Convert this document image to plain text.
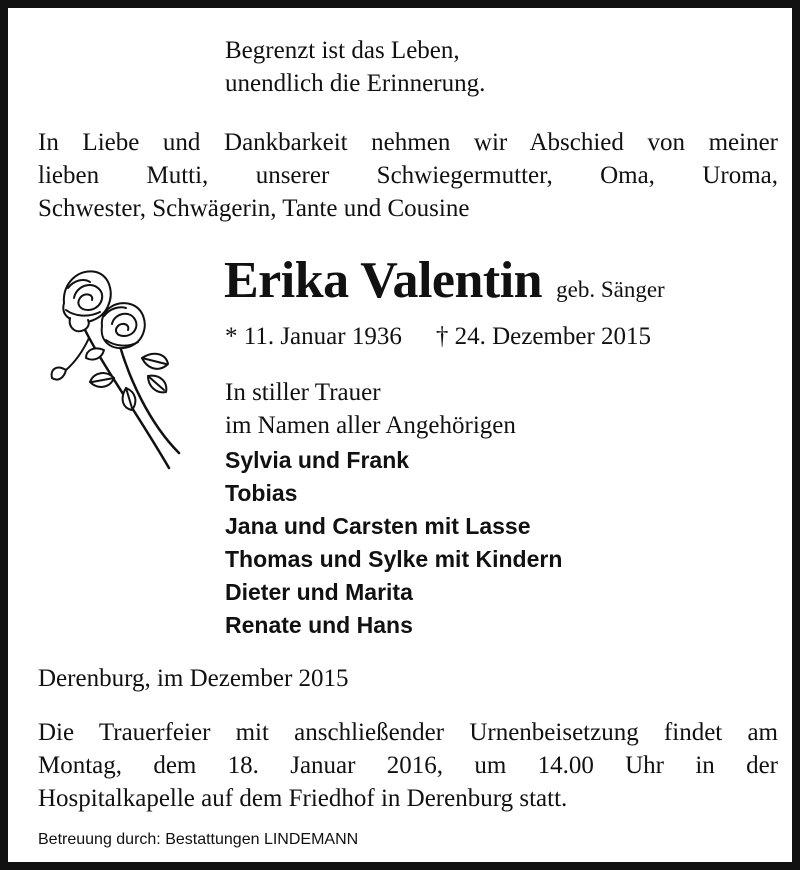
Begrenzt ist das Leben,
unendlich die Erinnerung.
In Liebe und Dankbarkeit nehmen wir Abschied von meiner
lieben Mutti, unserer Schwiegermutter, Oma, Uroma,
Schwester, Schwägerin, Tante und Cousine
Erika Valentin geb. Sänger
* 11. Januar 1936 † 24. Dezember 2015
In stiller Trauer
im Namen aller Angehörigen
Sylvia und Frank
Tobias
Jana und Carsten mit Lasse
Thomas und Sylke mit Kindern
Dieter und Marita
Renate und Hans
Derenburg, im Dezember 2015
Die Trauerfeier mit anschließender Urnenbeisetzung findet am
Montag, dem 18. Januar 2016, um 14.00 Uhr in der
Hospitalkapelle auf dem Friedhof in Derenburg statt.
Betreuung durch: Bestattungen LINDEMANN
